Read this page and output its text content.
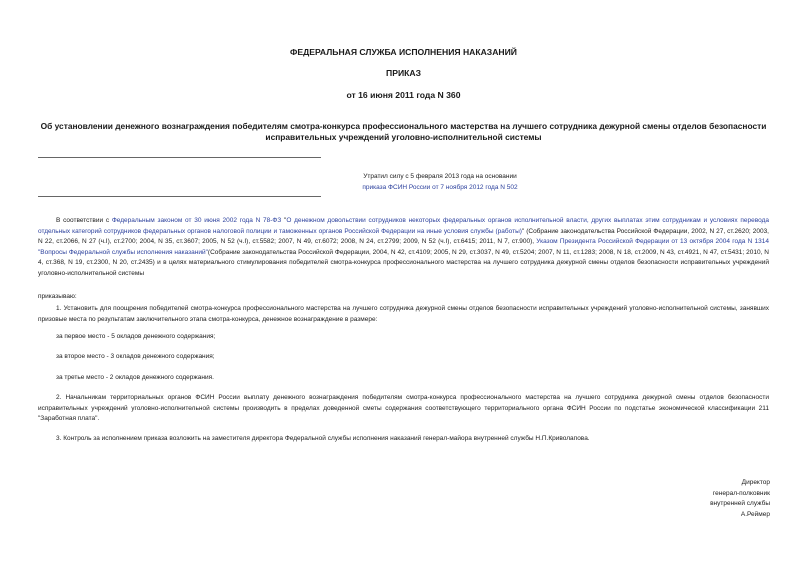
ФЕДЕРАЛЬНАЯ СЛУЖБА ИСПОЛНЕНИЯ НАКАЗАНИЙ
ПРИКАЗ
от 16 июня 2011 года N 360
Об установлении денежного вознаграждения победителям смотра-конкурса профессионального мастерства на лучшего сотрудника дежурной смены отделов безопасности исправительных учреждений уголовно-исполнительной системы
Утратил силу с 5 февраля 2013 года на основании
приказа ФСИН России от 7 ноября 2012 года N 502
В соответствии с Федеральным законом от 30 июня 2002 года N 78-ФЗ "О денежном довольствии сотрудников некоторых федеральных органов исполнительной власти, других выплатах этим сотрудникам и условиях перевода отдельных категорий сотрудников федеральных органов налоговой полиции и таможенных органов Российской Федерации на иные условия службы (работы)" (Собрание законодательства Российской Федерации, 2002, N 27, ст.2620; 2003, N 22, ст.2066, N 27 (ч.I), ст.2700; 2004, N 35, ст.3607; 2005, N 52 (ч.I), ст.5582; 2007, N 49, ст.6072; 2008, N 24, ст.2799; 2009, N 52 (ч.I), ст.6415; 2011, N 7, ст.900), Указом Президента Российской Федерации от 13 октября 2004 года N 1314 "Вопросы Федеральной службы исполнения наказаний"(Собрание законодательства Российской Федерации, 2004, N 42, ст.4109; 2005, N 29, ст.3037, N 49, ст.5204; 2007, N 11, ст.1283; 2008, N 18, ст.2009, N 43, ст.4921, N 47, ст.5431; 2010, N 4, ст.368, N 19, ст.2300, N 20, ст.2435) и в целях материального стимулирования победителей смотра-конкурса профессионального мастерства на лучшего сотрудника дежурной смены отделов безопасности исправительных учреждений уголовно-исполнительной системы
приказываю:
1. Установить для поощрения победителей смотра-конкурса профессионального мастерства на лучшего сотрудника дежурной смены отделов безопасности исправительных учреждений уголовно-исполнительной системы, занявших призовые места по результатам заключительного этапа смотра-конкурса, денежное вознаграждение в размере:
за первое место - 5 окладов денежного содержания;
за второе место - 3 окладов денежного содержания;
за третье место - 2 окладов денежного содержания.
2. Начальникам территориальных органов ФСИН России выплату денежного вознаграждения победителям смотра-конкурса профессионального мастерства на лучшего сотрудника дежурной смены отделов безопасности исправительных учреждений уголовно-исполнительной системы производить в пределах доведенной сметы содержания соответствующего территориального органа ФСИН России по подстатье экономической классификации 211 "Заработная плата".
3. Контроль за исполнением приказа возложить на заместителя директора Федеральной службы исполнения наказаний генерал-майора внутренней службы Н.П.Криволапова.
Директор
генерал-полковник
внутренней службы
А.Реймер
